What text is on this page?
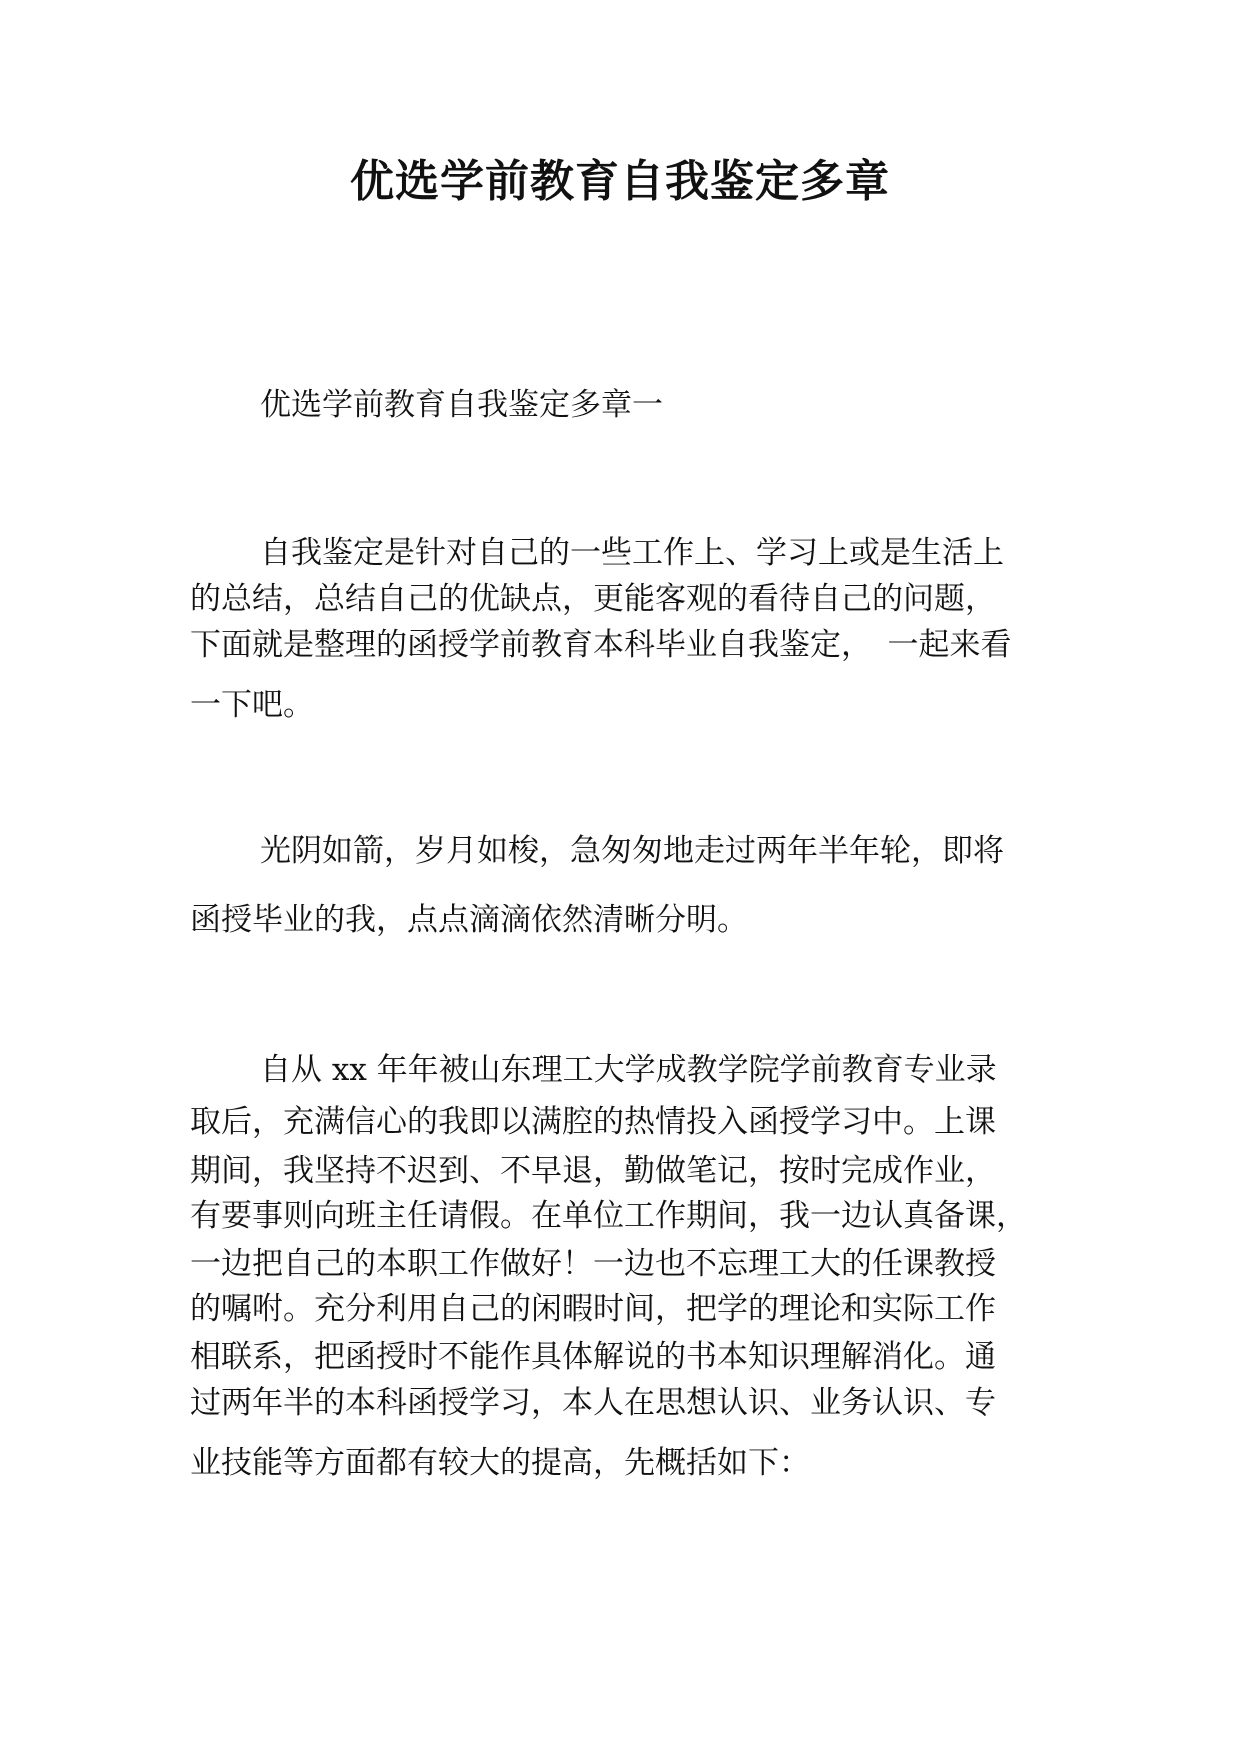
优选学前教育自我鉴定多章

优选学前教育自我鉴定多章一

自我鉴定是针对自己的一些工作上、学习上或是生活上

的总结，总结自己的优缺点，更能客观的看待自己的问题，

下面就是整理的函授学前教育本科毕业自我鉴定，　一起来看

一下吧。

光阴如箭，岁月如梭，急匆匆地走过两年半年轮，即将

函授毕业的我，点点滴滴依然清晰分明。

自从 xx 年年被山东理工大学成教学院学前教育专业录

取后，充满信心的我即以满腔的热情投入函授学习中。上课

期间，我坚持不迟到、不早退，勤做笔记，按时完成作业，

有要事则向班主任请假。在单位工作期间，我一边认真备课，

一边把自己的本职工作做好！一边也不忘理工大的任课教授

的嘱咐。充分利用自己的闲暇时间，把学的理论和实际工作

相联系，把函授时不能作具体解说的书本知识理解消化。通

过两年半的本科函授学习，本人在思想认识、业务认识、专

业技能等方面都有较大的提高，先概括如下：
